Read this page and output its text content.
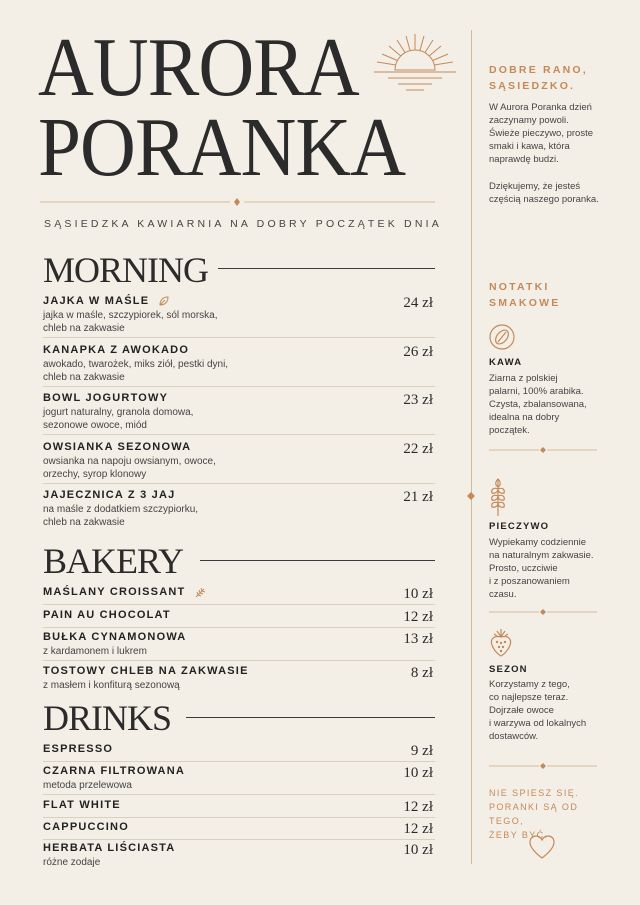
AURORA
PORANKA
SĄSIEDZKA KAWIARNIA NA DOBRY POCZĄTEK DNIA
MORNING
JAJKA W MAŚLE
jajka w maśle, szczypiorek, sól morska,
chleb na zakwasie
24 zł
KANAPKA Z AWOKADO
awokado, twarożek, miks ziół, pestki dyni,
chleb na zakwasie
26 zł
BOWL JOGURTOWY
jogurt naturalny, granola domowa,
sezonowe owoce, miód
23 zł
OWSIANKA SEZONOWA
owsianka na napoju owsianym, owoce,
orzechy, syrop klonowy
22 zł
JAJECZNICA Z 3 JAJ
na maśle z dodatkiem szczypiorku,
chleb na zakwasie
21 zł
BAKERY
MAŚLANY CROISSANT	10 zł
PAIN AU CHOCOLAT	12 zł
BUŁKA CYNAMONOWA
z kardamonem i lukrem
13 zł
TOSTOWY CHLEB NA ZAKWASIE
z masłem i konfiturą sezonową
8 zł
DRINKS
ESPRESSO	9 zł
CZARNA FILTROWANA
metoda przelewowa
10 zł
FLAT WHITE	12 zł
CAPPUCCINO	12 zł
HERBATA LIŚCIASTA
różne zodaje
10 zł
DOBRE RANO,
SĄSIEDZKO.
W Aurora Poranka dzień
zaczynamy powoli.
Świeże pieczywo, proste
smaki i kawa, która
naprawdę budzi.
Dziękujemy, że jesteś
częścią naszego poranka.
NOTATKI
SMAKOWE
KAWA
Ziarna z polskiej
palarni, 100% arabika.
Czysta, zbalansowana,
idealna na dobry
początek.
PIECZYWO
Wypiekamy codziennie
na naturalnym zakwasie.
Prosto, uczciwie
i z poszanowaniem
czasu.
SEZON
Korzystamy z tego,
co najlepsze teraz.
Dojrzałe owoce
i warzywa od lokalnych
dostawców.
NIE SPIESZ SIĘ.
PORANKI SĄ OD TEGO,
ŻEBY BYĆ.
